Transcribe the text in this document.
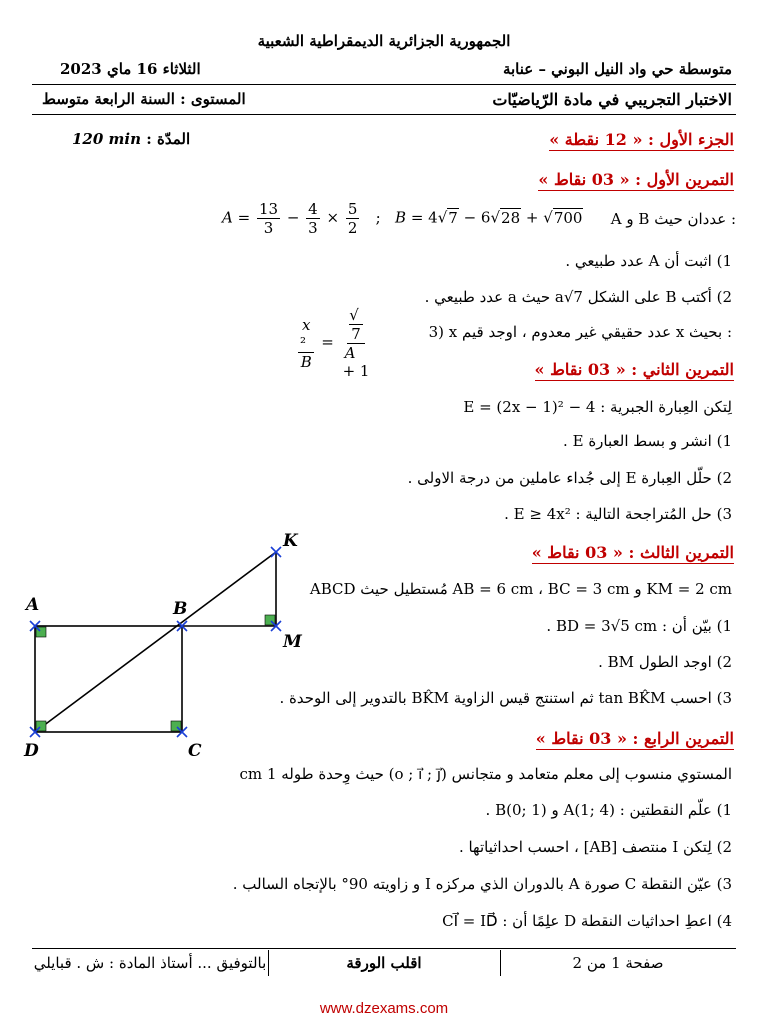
الجمهورية الجزائرية الديمقراطية الشعبية
متوسطة حي واد النيل البوني – عنابة
الثلاثاء 16 ماي 2023
الاختبار التجريبي في مادة الرّياضيّات
المستوى : السنة الرابعة متوسط
120 min المدّة :	الجزء الأول : « 12 نقطة »
التمرين الأول : « 03 نقاط »
A و B عددان حيث :
$A = \frac{13}{3} - \frac{4}{3} \times \frac{5}{2}$ ;   B = 4√7 − 6√28 + √700
1) اثبت أن A عدد طبيعي .
2) أكتب B على الشكل a√7 حيث a عدد طبيعي .
3) x عدد حقيقي غير معدوم ، اوجد قيم x بحيث :
x
²
B = √
7
A
+ 1	التمرين الثاني : « 03 نقاط »
لِتكن العِبارة الجبرية : E = (2x − 1)² − 4
1) انشر و بسط العبارة E .
2) حلّل العِبارة E إلى جُداء عاملين من درجة الاولى .
3) حل المُتراجحة التالية : E ≥ 4x² .
التمرين الثالث : « 03 نقاط »
ABCD مُستطيل حيث AB = 6 cm ، BC = 3 cm و KM = 2 cm
1) بيّن أن : BD = 3√5 cm .
2) اوجد الطول BM .
3) احسب tan BK̂M ثم استنتج قيس الزاوية BK̂M بالتدوير إلى الوحدة .
A	B
K
M
D	C
التمرين الرابع : « 03 نقاط »
المستوي منسوب إلى معلم متعامد و متجانس (o ; i⃗ ; j⃗) حيث وِحدة طوله 1 cm
1) علّم النقطتين : A(1; 4) و B(0; 1) .
2) لِتكن I منتصف [AB] ، احسب احداثياتها .
3) عيّن النقطة C صورة A بالدوران الذي مركزه I و زاويته 90° بالإتجاه السالب .
4) اعطِ احداثيات النقطة D علِمًا أن : CI⃗ = ID⃗
صفحة 1 من 2
اقلب الورقة
بالتوفيق ... أستاذ المادة : ش . قبايلي
www.dzexams.com
